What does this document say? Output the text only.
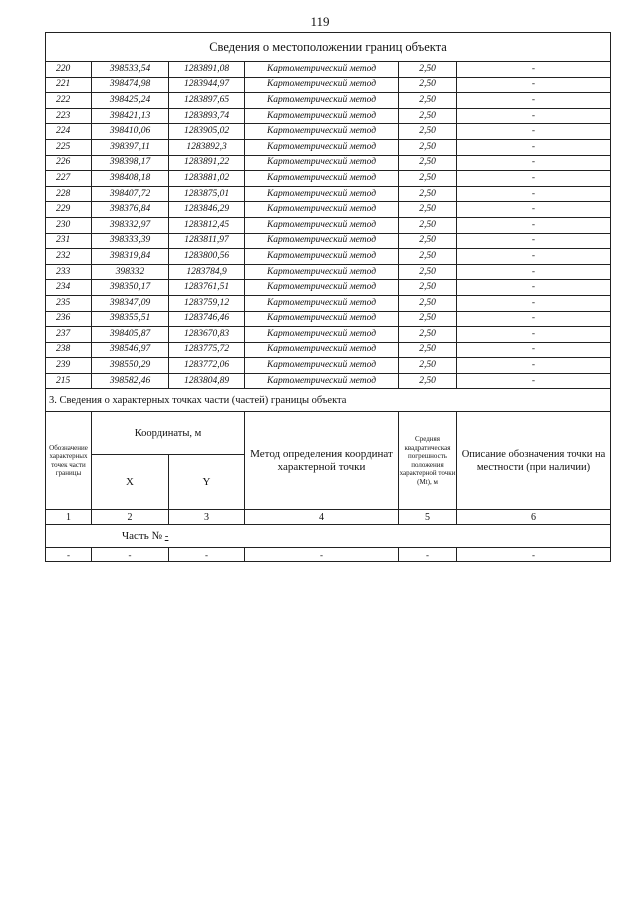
119
Сведения о местоположении границ объекта					
220	398533,54	1283891,08	Картометрический метод	2,50	-
221	398474,98	1283944,97	Картометрический метод	2,50	-
222	398425,24	1283897,65	Картометрический метод	2,50	-
223	398421,13	1283893,74	Картометрический метод	2,50	-
224	398410,06	1283905,02	Картометрический метод	2,50	-
225	398397,11	1283892,3	Картометрический метод	2,50	-
226	398398,17	1283891,22	Картометрический метод	2,50	-
227	398408,18	1283881,02	Картометрический метод	2,50	-
228	398407,72	1283875,01	Картометрический метод	2,50	-
229	398376,84	1283846,29	Картометрический метод	2,50	-
230	398332,97	1283812,45	Картометрический метод	2,50	-
231	398333,39	1283811,97	Картометрический метод	2,50	-
232	398319,84	1283800,56	Картометрический метод	2,50	-
233	398332	1283784,9	Картометрический метод	2,50	-
234	398350,17	1283761,51	Картометрический метод	2,50	-
235	398347,09	1283759,12	Картометрический метод	2,50	-
236	398355,51	1283746,46	Картометрический метод	2,50	-
237	398405,87	1283670,83	Картометрический метод	2,50	-
238	398546,97	1283775,72	Картометрический метод	2,50	-
239	398550,29	1283772,06	Картометрический метод	2,50	-
215	398582,46	1283804,89	Картометрический метод	2,50	-
3. Сведения о характерных точках части (частей) границы объекта					
Обозначение характерных точек части границы	Координаты, м		Метод определения координат характерной точки	Средняя квадратическая погрешность положения характерной точки (Мt), м	Описание обозначения точки на местности (при наличии)
	X	Y			
1	2	3	4	5	6
Часть № -					
-	-	-	-	-	-
